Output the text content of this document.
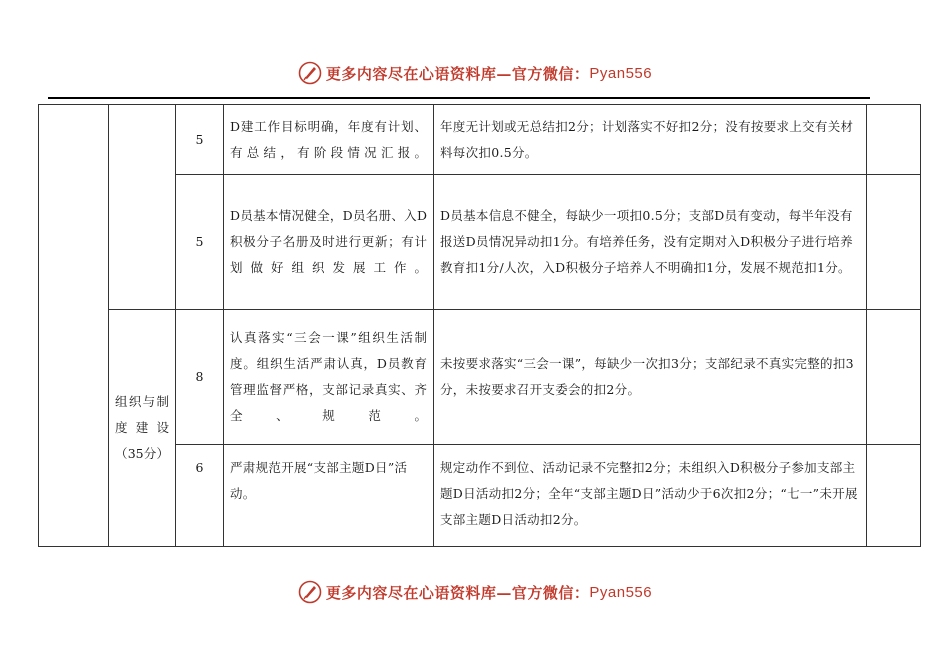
更多内容尽在心语资料库—官方微信： Pyan556
		5	D建工作目标明确，年度有计划、有总结，有阶段情况汇报。	年度无计划或无总结扣2分；计划落实不好扣2分；没有按要求上交有关材料每次扣0.5分。	
		5	D员基本情况健全，D员名册、入D积极分子名册及时进行更新；有计划做好组织发展工作。	D员基本信息不健全，每缺少一项扣0.5分；支部D员有变动，每半年没有报送D员情况异动扣1分。有培养任务，没有定期对入D积极分子进行培养教育扣1分/人次，入D积极分子培养人不明确扣1分，发展不规范扣1分。	
	组织与制度建设（35分）	8	认真落实“三会一课”组织生活制度。组织生活严肃认真，D员教育管理监督严格，支部记录真实、齐全、规范。	未按要求落实“三会一课”，每缺少一次扣3分；支部纪录不真实完整的扣3分，未按要求召开支委会的扣2分。	
		6	严肃规范开展“支部主题D日”活动。	规定动作不到位、活动记录不完整扣2分；未组织入D积极分子参加支部主题D日活动扣2分；全年“支部主题D日”活动少于6次扣2分；“七一”未开展支部主题D日活动扣2分。	
更多内容尽在心语资料库—官方微信： Pyan556
